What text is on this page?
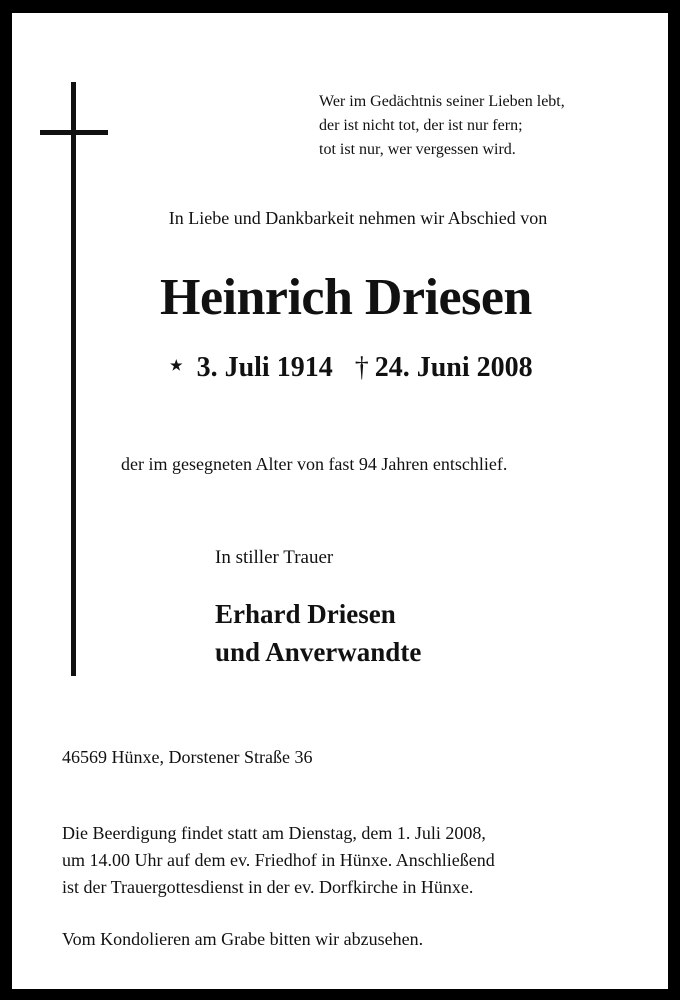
Wer im Gedächtnis seiner Lieben lebt,
der ist nicht tot, der ist nur fern;
tot ist nur, wer vergessen wird.
In Liebe und Dankbarkeit nehmen wir Abschied von
Heinrich Driesen
★ 3. Juli 1914 † 24. Juni 2008
der im gesegneten Alter von fast 94 Jahren entschlief.
In stiller Trauer
Erhard Driesen
und Anverwandte
46569 Hünxe, Dorstener Straße 36
Die Beerdigung findet statt am Dienstag, dem 1. Juli 2008,
um 14.00 Uhr auf dem ev. Friedhof in Hünxe. Anschließend
ist der Trauergottesdienst in der ev. Dorfkirche in Hünxe.
Vom Kondolieren am Grabe bitten wir abzusehen.
